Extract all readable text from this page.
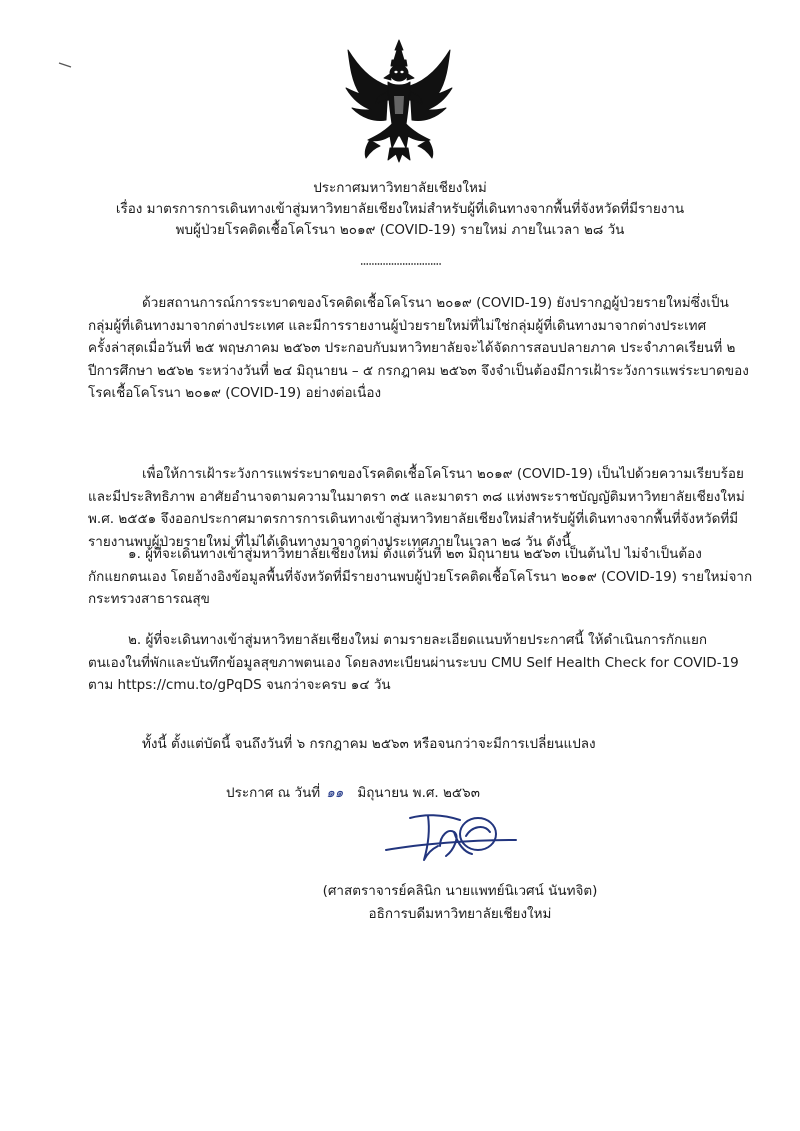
ประกาศมหาวิทยาลัยเชียงใหม่
เรื่อง มาตรการการเดินทางเข้าสู่มหาวิทยาลัยเชียงใหม่สำหรับผู้ที่เดินทางจากพื้นที่จังหวัดที่มีรายงาน
พบผู้ป่วยโรคติดเชื้อโคโรนา ๒๐๑๙ (COVID-19) รายใหม่ ภายในเวลา ๒๘ วัน

ด้วยสถานการณ์การระบาดของโรคติดเชื้อโคโรนา ๒๐๑๙ (COVID-19) ยังปรากฏผู้ป่วยรายใหม่ซึ่งเป็น
กลุ่มผู้ที่เดินทางมาจากต่างประเทศ และมีการรายงานผู้ป่วยรายใหม่ที่ไม่ใช่กลุ่มผู้ที่เดินทางมาจากต่างประเทศ
ครั้งล่าสุดเมื่อวันที่ ๒๕ พฤษภาคม ๒๕๖๓ ประกอบกับมหาวิทยาลัยจะได้จัดการสอบปลายภาค ประจำภาคเรียนที่ ๒
ปีการศึกษา ๒๕๖๒ ระหว่างวันที่ ๒๔ มิถุนายน – ๕ กรกฎาคม ๒๕๖๓ จึงจำเป็นต้องมีการเฝ้าระวังการแพร่ระบาดของ
โรคเชื้อโคโรนา ๒๐๑๙ (COVID-19) อย่างต่อเนื่อง

เพื่อให้การเฝ้าระวังการแพร่ระบาดของโรคติดเชื้อโคโรนา ๒๐๑๙ (COVID-19) เป็นไปด้วยความเรียบร้อย
และมีประสิทธิภาพ อาศัยอำนาจตามความในมาตรา ๓๕ และมาตรา ๓๘ แห่งพระราชบัญญัติมหาวิทยาลัยเชียงใหม่
พ.ศ. ๒๕๕๑ จึงออกประกาศมาตรการการเดินทางเข้าสู่มหาวิทยาลัยเชียงใหม่สำหรับผู้ที่เดินทางจากพื้นที่จังหวัดที่มี
รายงานพบผู้ป่วยรายใหม่ ที่ไม่ได้เดินทางมาจากต่างประเทศภายในเวลา ๒๘ วัน ดังนี้

๑. ผู้ที่จะเดินทางเข้าสู่มหาวิทยาลัยเชียงใหม่ ตั้งแต่วันที่ ๒๓ มิถุนายน ๒๕๖๓ เป็นต้นไป ไม่จำเป็นต้อง
กักแยกตนเอง โดยอ้างอิงข้อมูลพื้นที่จังหวัดที่มีรายงานพบผู้ป่วยโรคติดเชื้อโคโรนา ๒๐๑๙ (COVID-19) รายใหม่จาก
กระทรวงสาธารณสุข

๒. ผู้ที่จะเดินทางเข้าสู่มหาวิทยาลัยเชียงใหม่ ตามรายละเอียดแนบท้ายประกาศนี้ ให้ดำเนินการกักแยก
ตนเองในที่พักและบันทึกข้อมูลสุขภาพตนเอง โดยลงทะเบียนผ่านระบบ CMU Self Health Check for COVID-19
ตาม https://cmu.to/gPqDS จนกว่าจะครบ ๑๔ วัน

ทั้งนี้ ตั้งแต่บัดนี้ จนถึงวันที่ ๖ กรกฎาคม ๒๕๖๓ หรือจนกว่าจะมีการเปลี่ยนแปลง

ประกาศ ณ วันที่ ๑๑ มิถุนายน พ.ศ. ๒๕๖๓
(ศาสตราจารย์คลินิก นายแพทย์นิเวศน์ นันทจิต)
อธิการบดีมหาวิทยาลัยเชียงใหม่
